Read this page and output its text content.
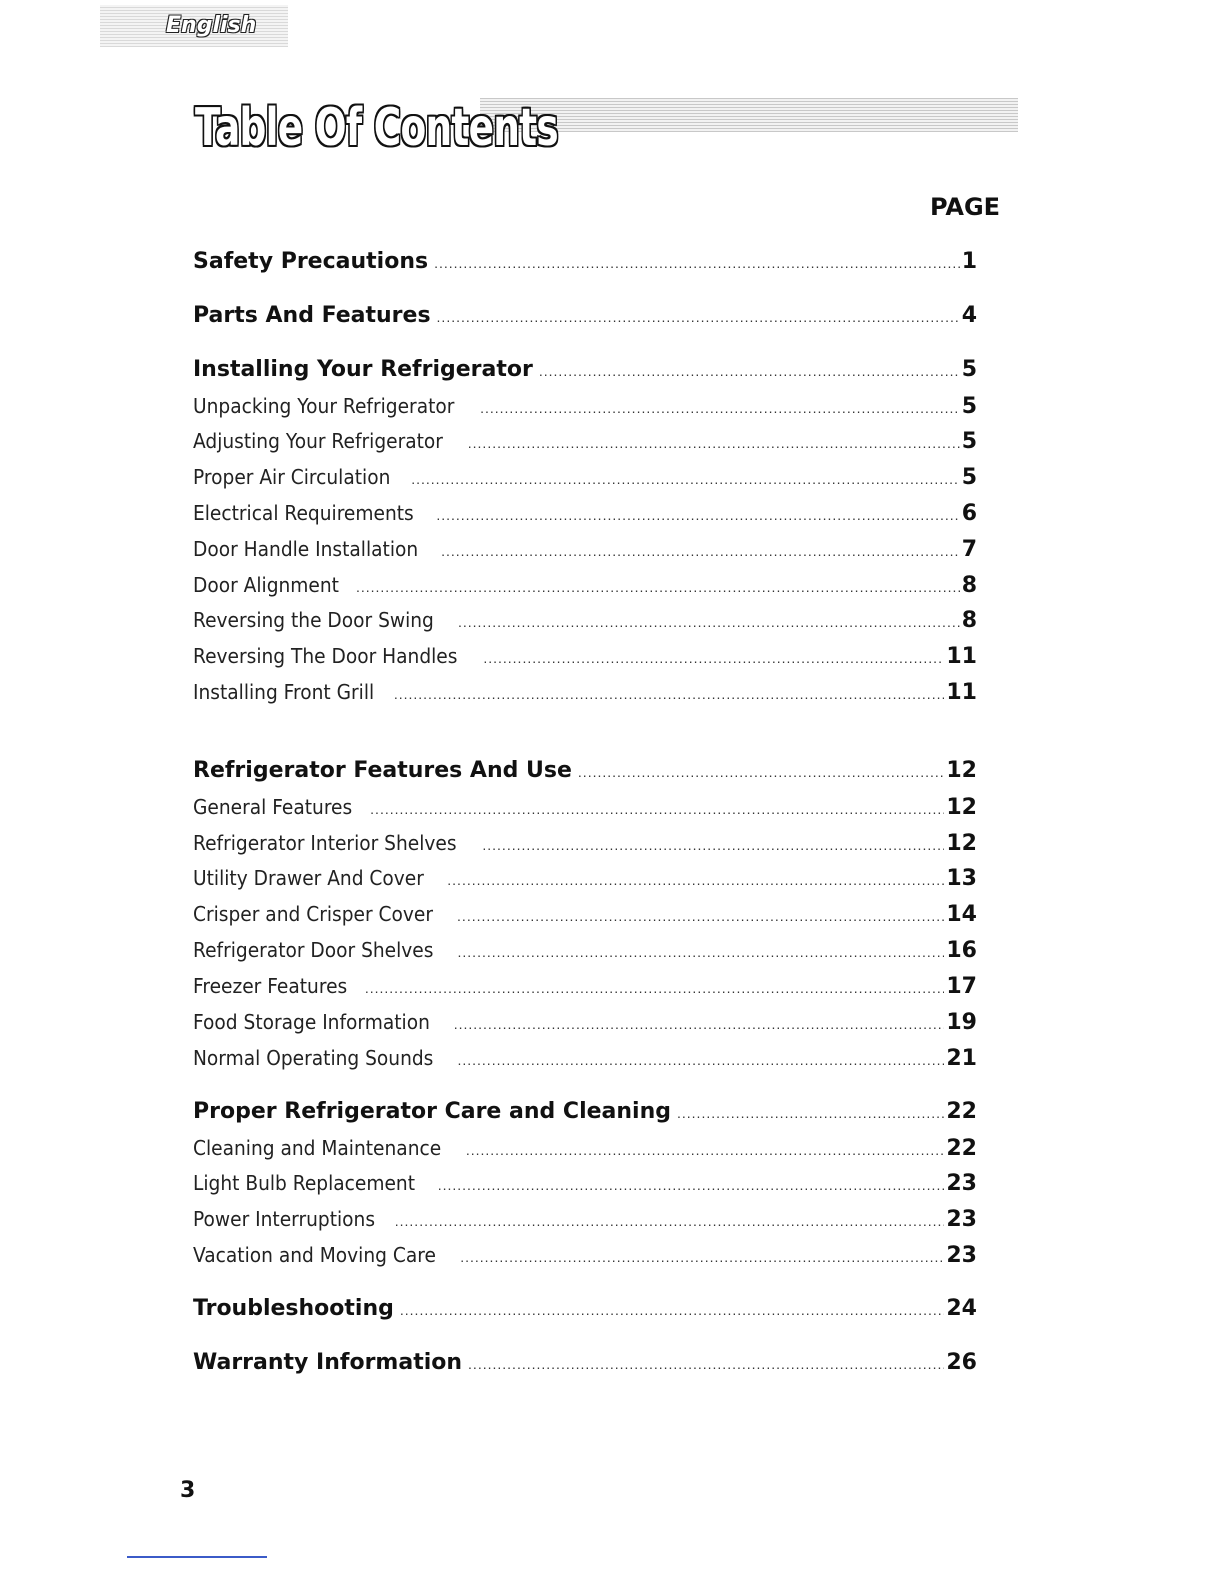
English
Table Of Contents
PAGE
Safety Precautions .....	1
Parts And Features .....	4
Installing Your Refrigerator .....	5
Unpacking Your Refrigerator .....	5
Adjusting Your Refrigerator .....	5
Proper Air Circulation .....	5
Electrical Requirements .....	6
Door Handle Installation .....	7
Door Alignment .....	8
Reversing the Door Swing .....	8
Reversing The Door Handles .....	11
Installing Front Grill .....	11
Refrigerator Features And Use .....	12
General Features .....	12
Refrigerator Interior Shelves .....	12
Utility Drawer And Cover .....	13
Crisper and Crisper Cover .....	14
Refrigerator Door Shelves .....	16
Freezer Features .....	17
Food Storage Information .....	19
Normal Operating Sounds .....	21
Proper Refrigerator Care and Cleaning .....	22
Cleaning and Maintenance .....	22
Light Bulb Replacement .....	23
Power Interruptions .....	23
Vacation and Moving Care .....	23
Troubleshooting .....	24
Warranty Information .....	26
3
